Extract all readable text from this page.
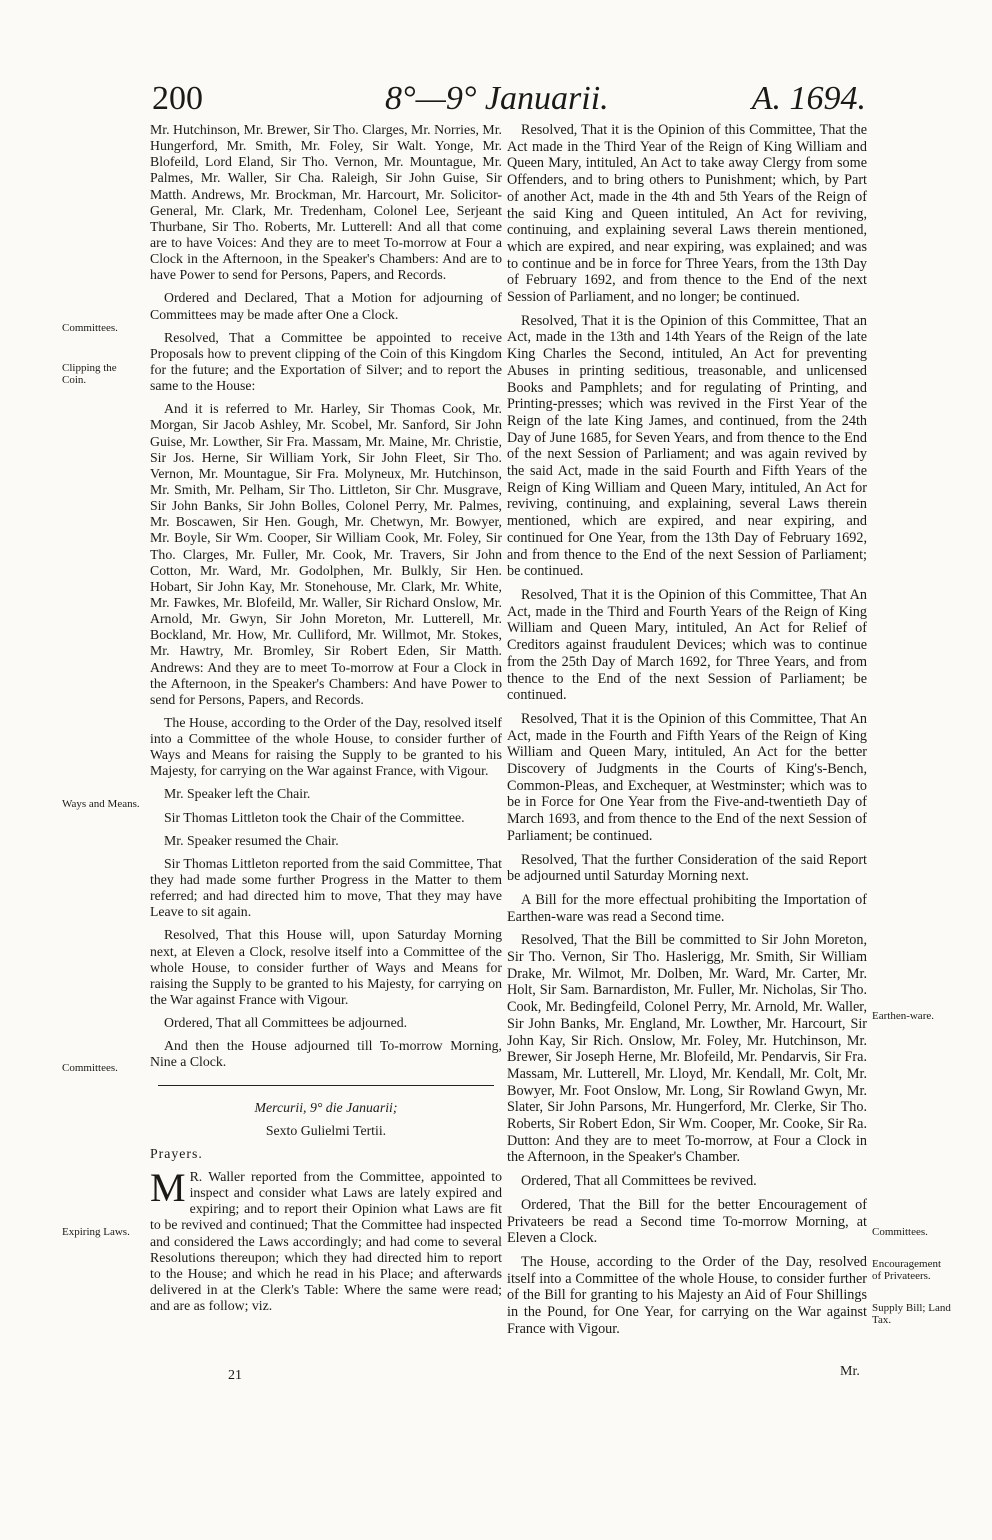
200	8°—9° Januarii.	A. 1694.
Committees.
Clipping the Coin.
Ways and Means.
Committees.
Expiring Laws.
Earthen-ware.
Committees.
Encouragement of Privateers.
Supply Bill; Land Tax.

Mr. Hutchinson, Mr. Brewer, Sir Tho. Clarges, Mr. Norries, Mr. Hungerford, Mr. Smith, Mr. Foley, Sir Walt. Yonge, Mr. Blofeild, Lord Eland, Sir Tho. Vernon, Mr. Mountague, Mr. Palmes, Mr. Waller, Sir Cha. Raleigh, Sir John Guise, Sir Matth. Andrews, Mr. Brockman, Mr. Harcourt, Mr. Solicitor-General, Mr. Clark, Mr. Tredenham, Colonel Lee, Serjeant Thurbane, Sir Tho. Roberts, Mr. Lutterell: And all that come are to have Voices: And they are to meet To-morrow at Four a Clock in the Afternoon, in the Speaker's Chambers: And are to have Power to send for Persons, Papers, and Records.

Ordered and Declared, That a Motion for adjourning of Committees may be made after One a Clock.

Resolved, That a Committee be appointed to receive Proposals how to prevent clipping of the Coin of this Kingdom for the future; and the Exportation of Silver; and to report the same to the House:

And it is referred to Mr. Harley, Sir Thomas Cook, Mr. Morgan, Sir Jacob Ashley, Mr. Scobel, Mr. Sanford, Sir John Guise, Mr. Lowther, Sir Fra. Massam, Mr. Maine, Mr. Christie, Sir Jos. Herne, Sir William York, Sir John Fleet, Sir Tho. Vernon, Mr. Mountague, Sir Fra. Molyneux, Mr. Hutchinson, Mr. Smith, Mr. Pelham, Sir Tho. Littleton, Sir Chr. Musgrave, Sir John Banks, Sir John Bolles, Colonel Perry, Mr. Palmes, Mr. Boscawen, Sir Hen. Gough, Mr. Chetwyn, Mr. Bowyer, Mr. Boyle, Sir Wm. Cooper, Sir William Cook, Mr. Foley, Sir Tho. Clarges, Mr. Fuller, Mr. Cook, Mr. Travers, Sir John Cotton, Mr. Ward, Mr. Godolphen, Mr. Bulkly, Sir Hen. Hobart, Sir John Kay, Mr. Stonehouse, Mr. Clark, Mr. White, Mr. Fawkes, Mr. Blofeild, Mr. Waller, Sir Richard Onslow, Mr. Arnold, Mr. Gwyn, Sir John Moreton, Mr. Lutterell, Mr. Bockland, Mr. How, Mr. Culliford, Mr. Willmot, Mr. Stokes, Mr. Hawtry, Mr. Bromley, Sir Robert Eden, Sir Matth. Andrews: And they are to meet To-morrow at Four a Clock in the Afternoon, in the Speaker's Chambers: And have Power to send for Persons, Papers, and Records.

The House, according to the Order of the Day, resolved itself into a Committee of the whole House, to consider further of Ways and Means for raising the Supply to be granted to his Majesty, for carrying on the War against France, with Vigour.

Mr. Speaker left the Chair.

Sir Thomas Littleton took the Chair of the Committee.

Mr. Speaker resumed the Chair.

Sir Thomas Littleton reported from the said Committee, That they had made some further Progress in the Matter to them referred; and had directed him to move, That they may have Leave to sit again.

Resolved, That this House will, upon Saturday Morning next, at Eleven a Clock, resolve itself into a Committee of the whole House, to consider further of Ways and Means for raising the Supply to be granted to his Majesty, for carrying on the War against France with Vigour.

Ordered, That all Committees be adjourned.

And then the House adjourned till To-morrow Morning, Nine a Clock.

Mercurii, 9° die Januarii;

Sexto Gulielmi Tertii.

Prayers.

M R. Waller reported from the Committee, appointed to inspect and consider what Laws are lately expired and expiring; and to report their Opinion what Laws are fit to be revived and continued; That the Committee had inspected and considered the Laws accordingly; and had come to several Resolutions thereupon; which they had directed him to report to the House; and which he read in his Place; and afterwards delivered in at the Clerk's Table: Where the same were read; and are as follow; viz.

Resolved, That it is the Opinion of this Committee, That the Act made in the Third Year of the Reign of King William and Queen Mary, intituled, An Act to take away Clergy from some Offenders, and to bring others to Punishment; which, by Part of another Act, made in the 4th and 5th Years of the Reign of the said King and Queen intituled, An Act for reviving, continuing, and explaining several Laws therein mentioned, which are expired, and near expiring, was explained; and was to continue and be in force for Three Years, from the 13th Day of February 1692, and from thence to the End of the next Session of Parliament, and no longer; be continued.

Resolved, That it is the Opinion of this Committee, That an Act, made in the 13th and 14th Years of the Reign of the late King Charles the Second, intituled, An Act for preventing Abuses in printing seditious, treasonable, and unlicensed Books and Pamphlets; and for regulating of Printing, and Printing-presses; which was revived in the First Year of the Reign of the late King James, and continued, from the 24th Day of June 1685, for Seven Years, and from thence to the End of the next Session of Parliament; and was again revived by the said Act, made in the said Fourth and Fifth Years of the Reign of King William and Queen Mary, intituled, An Act for reviving, continuing, and explaining, several Laws therein mentioned, which are expired, and near expiring, and continued for One Year, from the 13th Day of February 1692, and from thence to the End of the next Session of Parliament; be continued.

Resolved, That it is the Opinion of this Committee, That An Act, made in the Third and Fourth Years of the Reign of King William and Queen Mary, intituled, An Act for Relief of Creditors against fraudulent Devices; which was to continue from the 25th Day of March 1692, for Three Years, and from thence to the End of the next Session of Parliament; be continued.

Resolved, That it is the Opinion of this Committee, That An Act, made in the Fourth and Fifth Years of the Reign of King William and Queen Mary, intituled, An Act for the better Discovery of Judgments in the Courts of King's-Bench, Common-Pleas, and Exchequer, at Westminster; which was to be in Force for One Year from the Five-and-twentieth Day of March 1693, and from thence to the End of the next Session of Parliament; be continued.

Resolved, That the further Consideration of the said Report be adjourned until Saturday Morning next.

A Bill for the more effectual prohibiting the Importation of Earthen-ware was read a Second time.

Resolved, That the Bill be committed to Sir John Moreton, Sir Tho. Vernon, Sir Tho. Haslerigg, Mr. Smith, Sir William Drake, Mr. Wilmot, Mr. Dolben, Mr. Ward, Mr. Carter, Mr. Holt, Sir Sam. Barnardiston, Mr. Fuller, Mr. Nicholas, Sir Tho. Cook, Mr. Bedingfeild, Colonel Perry, Mr. Arnold, Mr. Waller, Sir John Banks, Mr. England, Mr. Lowther, Mr. Harcourt, Sir John Kay, Sir Rich. Onslow, Mr. Foley, Mr. Hutchinson, Mr. Brewer, Sir Joseph Herne, Mr. Blofeild, Mr. Pendarvis, Sir Fra. Massam, Mr. Lutterell, Mr. Lloyd, Mr. Kendall, Mr. Colt, Mr. Bowyer, Mr. Foot Onslow, Mr. Long, Sir Rowland Gwyn, Mr. Slater, Sir John Parsons, Mr. Hungerford, Mr. Clerke, Sir Tho. Roberts, Sir Robert Edon, Sir Wm. Cooper, Mr. Cooke, Sir Ra. Dutton: And they are to meet To-morrow, at Four a Clock in the Afternoon, in the Speaker's Chamber.

Ordered, That all Committees be revived.

Ordered, That the Bill for the better Encouragement of Privateers be read a Second time To-morrow Morning, at Eleven a Clock.

The House, according to the Order of the Day, resolved itself into a Committee of the whole House, to consider further of the Bill for granting to his Majesty an Aid of Four Shillings in the Pound, for One Year, for carrying on the War against France with Vigour.

21	Mr.
